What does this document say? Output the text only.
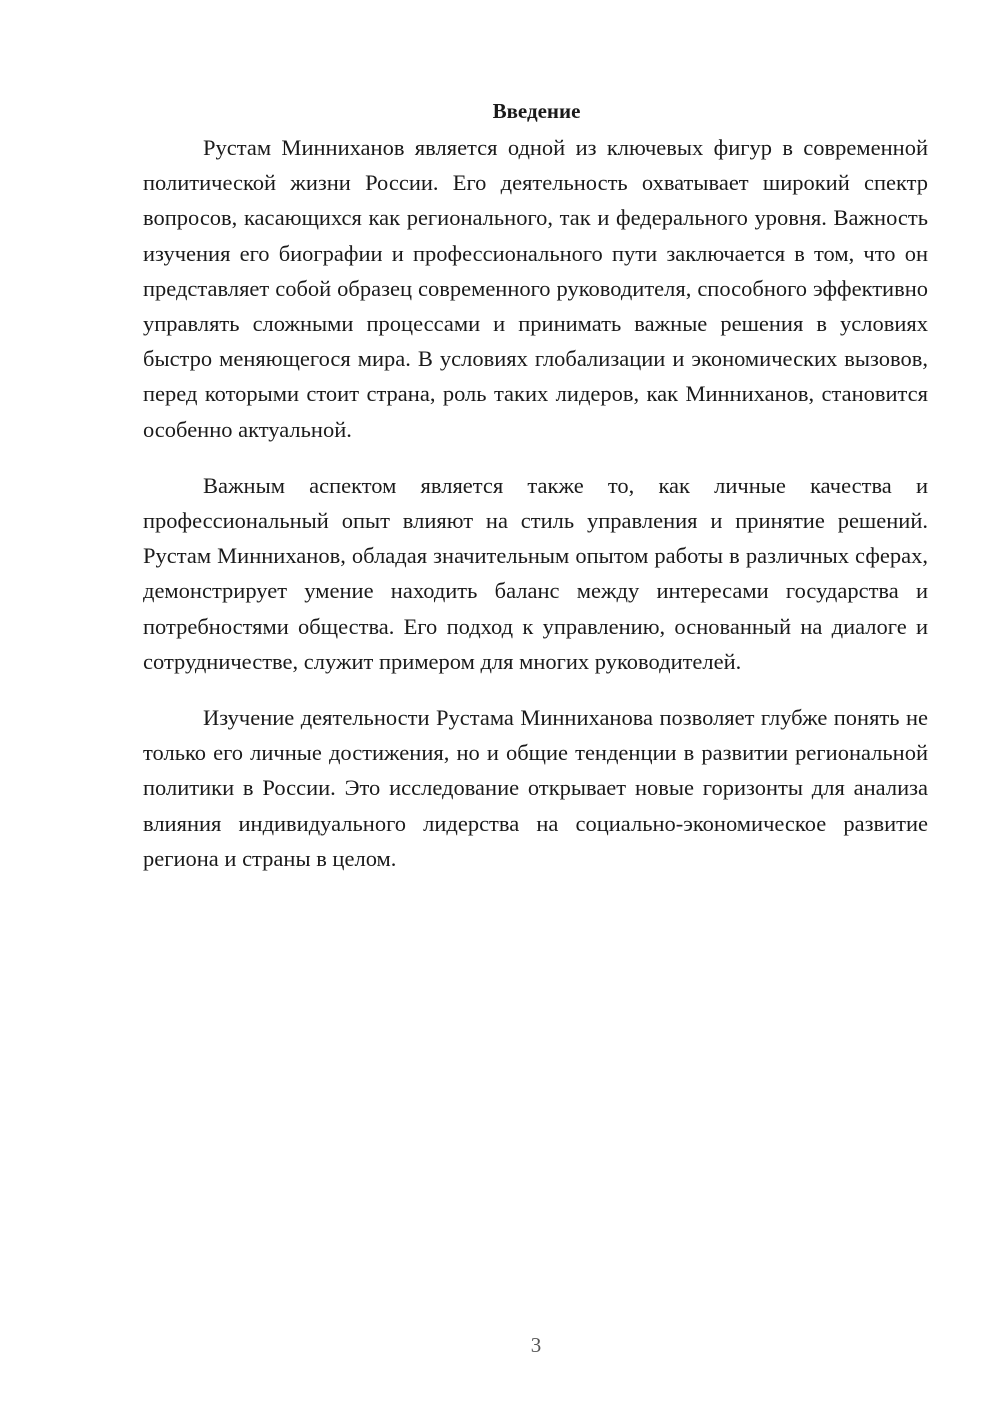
Введение

Рустам Минниханов является одной из ключевых фигур в современной политической жизни России. Его деятельность охватывает широкий спектр вопросов, касающихся как регионального, так и федерального уровня. Важность изучения его биографии и профессионального пути заключается в том, что он представляет собой образец современного руководителя, способного эффективно управлять сложными процессами и принимать важные решения в условиях быстро меняющегося мира. В условиях глобализации и экономических вызовов, перед которыми стоит страна, роль таких лидеров, как Минниханов, становится особенно актуальной.

Важным аспектом является также то, как личные качества и профессиональный опыт влияют на стиль управления и принятие решений. Рустам Минниханов, обладая значительным опытом работы в различных сферах, демонстрирует умение находить баланс между интересами государства и потребностями общества. Его подход к управлению, основанный на диалоге и сотрудничестве, служит примером для многих руководителей.

Изучение деятельности Рустама Минниханова позволяет глубже понять не только его личные достижения, но и общие тенденции в развитии региональной политики в России. Это исследование открывает новые горизонты для анализа влияния индивидуального лидерства на социально-экономическое развитие региона и страны в целом.

3
